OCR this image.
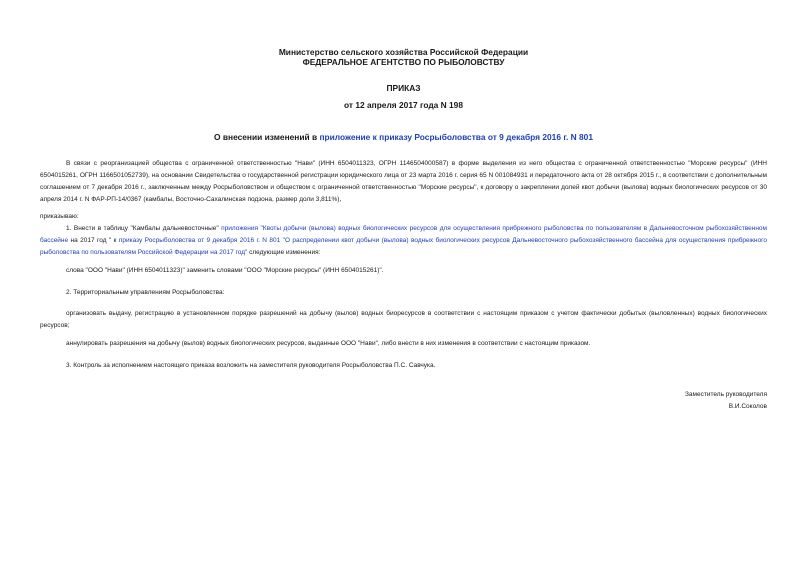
Министерство сельского хозяйства Российской Федерации
ФЕДЕРАЛЬНОЕ АГЕНТСТВО ПО РЫБОЛОВСТВУ
ПРИКАЗ
от 12 апреля 2017 года N 198
О внесении изменений в приложение к приказу Росрыболовства от 9 декабря 2016 г. N 801
В связи с реорганизацией общества с ограниченной ответственностью "Нави" (ИНН 6504011323, ОГРН 1146504000587) в форме выделения из него общества с ограниченной ответственностью "Морские ресурсы" (ИНН 6504015261, ОГРН 1166501052739), на основании Свидетельства о государственной регистрации юридического лица от 23 марта 2016 г. серия 65 N 001084931 и передаточного акта от 28 октября 2015 г., в соответствии с дополнительным соглашением от 7 декабря 2016 г., заключенным между Росрыболовством и обществом с ограниченной ответственностью "Морские ресурсы", к договору о закреплении долей квот добычи (вылова) водных биологических ресурсов от 30 апреля 2014 г. N ФАР-РП-14/0367 (камбалы, Восточно-Сахалинская подзона, размер доли 3,811%),
приказываю:
1. Внести в таблицу "Камбалы дальневосточные" приложения "Квоты добычи (вылова) водных биологических ресурсов для осуществления прибрежного рыболовства по пользователям в Дальневосточном рыбохозяйственном бассейне на 2017 год " к приказу Росрыболовства от 9 декабря 2016 г. N 801 "О распределении квот добычи (вылова) водных биологических ресурсов Дальневосточного рыбохозяйственного бассейна для осуществления прибрежного рыболовства по пользователям Российской Федерации на 2017 год" следующие изменения:
слова "ООО "Нави" (ИНН 6504011323)" заменить словами "ООО "Морские ресурсы" (ИНН 6504015261)".
2. Территориальным управлениям Росрыболовства:
организовать выдачу, регистрацию в установленном порядке разрешений на добычу (вылов) водных биоресурсов в соответствии с настоящим приказом с учетом фактически добытых (выловленных) водных биологических ресурсов;
аннулировать разрешения на добычу (вылов) водных биологических ресурсов, выданные ООО "Нави", либо внести в них изменения в соответствии с настоящим приказом.
3. Контроль за исполнением настоящего приказа возложить на заместителя руководителя Росрыболовства П.С. Савчука.
Заместитель руководителя
В.И.Соколов
